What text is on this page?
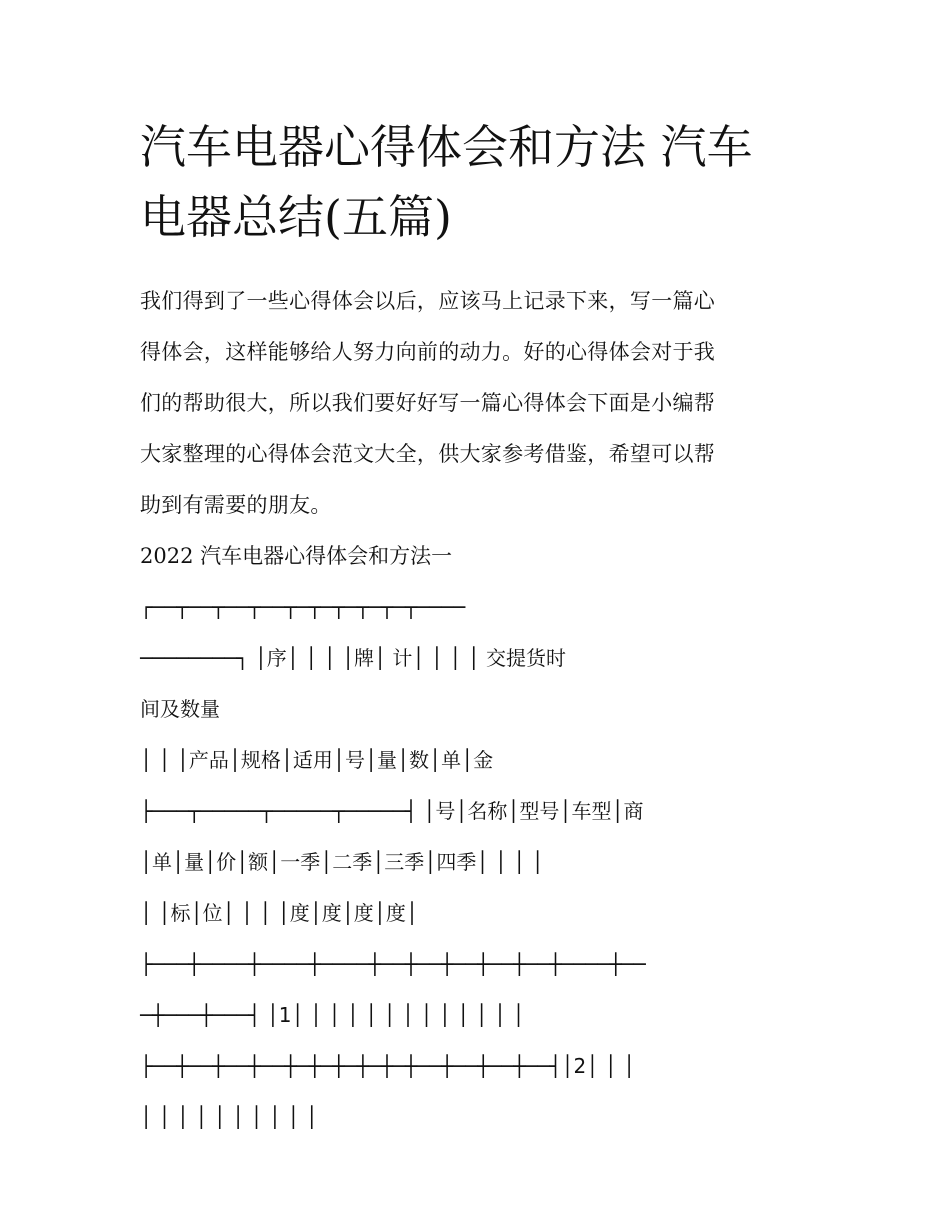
汽车电器心得体会和方法 汽车
电器总结(五篇)
我们得到了一些心得体会以后，应该马上记录下来，写一篇心
得体会，这样能够给人努力向前的动力。好的心得体会对于我
们的帮助很大，所以我们要好好写一篇心得体会下面是小编帮
大家整理的心得体会范文大全，供大家参考借鉴，希望可以帮
助到有需要的朋友。
2022 汽车电器心得体会和方法一
┌──┬──┬──┬──┬─┬─┬─┬─┬─┬────
────────┐ │序│ │ │ │牌│ 计│ │ │ │ 交提货时
间及数量
│ │ │产品│规格│适用│号│量│数│单│金
├───┬─────┬─────┬─────┤ │号│名称│型号│车型│商
│单│量│价│额│一季│二季│三季│四季│ │ │ │
│ │标│位│ │ │ │度│度│度│度│
├───┼────┼────┼────┼──┼──┼──┼──┼──┼────┼──
─┼───┼───┤ │1│ │ │ │ │ │ │ │ │ │ │ │ │
├──┼──┼──┼──┼─┼─┼─┼─┼─┼──┼──┼──┼──┤│2│ │ │
│ │ │ │ │ │ │ │ │ │
